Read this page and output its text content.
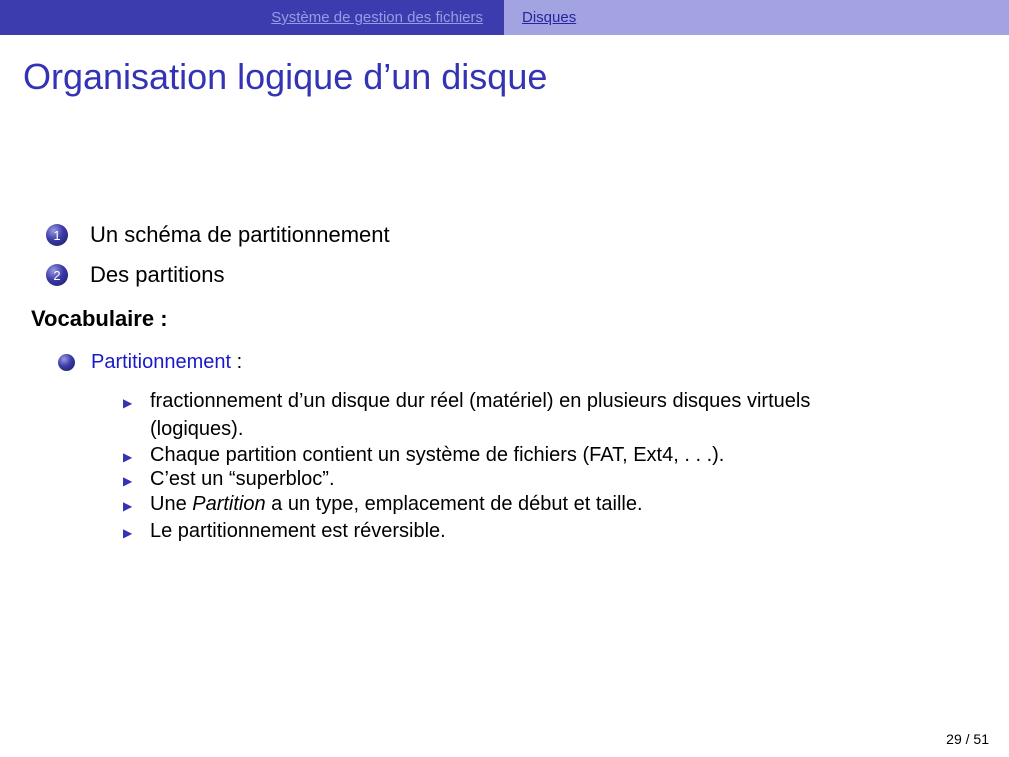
Système de gestion des fichiers	Disques
Organisation logique d’un disque
1	Un schéma de partitionnement
2	Des partitions
Vocabulaire :
Partitionnement :
▶ fractionnement d’un disque dur réel (matériel) en plusieurs disques virtuels
(logiques).
▶ Chaque partition contient un système de fichiers (FAT, Ext4, . . .).
▶ C’est un “superbloc”.
▶ Une Partition a un type, emplacement de début et taille.
▶ Le partitionnement est réversible.
29 / 51
